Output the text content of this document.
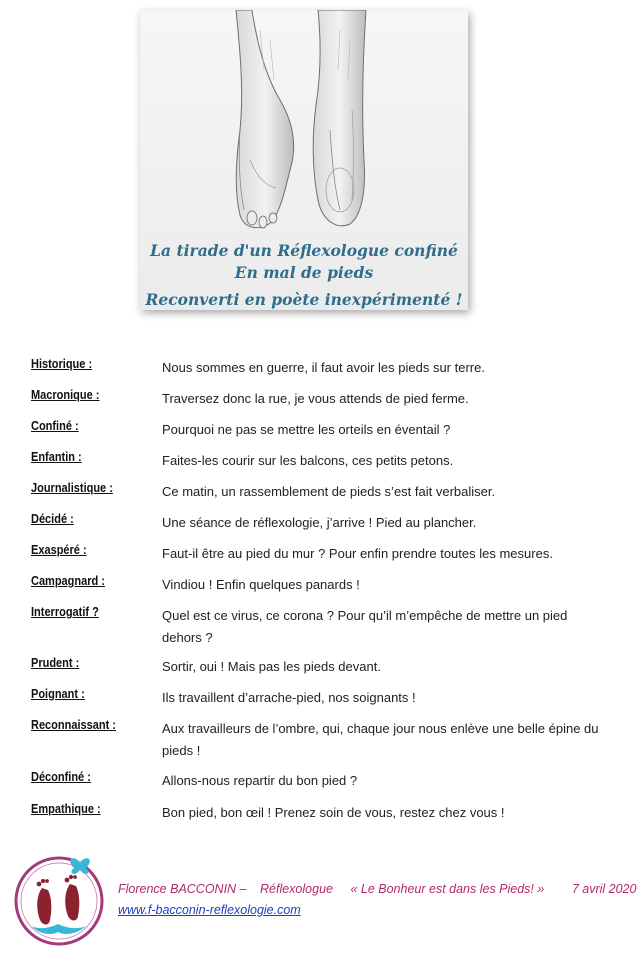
La tirade d'un Réflexologue confiné
En mal de pieds
Reconverti en poète inexpérimenté !
Historique :	Nous sommes en guerre, il faut avoir les pieds sur terre.
Macronique :	Traversez donc la rue, je vous attends de pied ferme.
Confiné :	Pourquoi ne pas se mettre les orteils en éventail ?
Enfantin :	Faites-les courir sur les balcons, ces petits petons.
Journalistique :	Ce matin, un rassemblement de pieds s’est fait verbaliser.
Décidé :	Une séance de réflexologie, j’arrive ! Pied au plancher.
Exaspéré :	Faut-il être au pied du mur ? Pour enfin prendre toutes les mesures.
Campagnard :	Vindiou ! Enfin quelques panards !
Interrogatif ?	Quel est ce virus, ce corona ? Pour qu’il m’empêche de mettre un pied dehors ?
Prudent :	Sortir, oui ! Mais pas les pieds devant.
Poignant :	Ils travaillent d’arrache-pied, nos soignants !
Reconnaissant :	Aux travailleurs de l’ombre, qui, chaque jour nous enlève une belle épine du pieds !
Déconfiné :	Allons-nous repartir du bon pied ?
Empathique :	Bon pied, bon œil ! Prenez soin de vous, restez chez vous !
Florence BACCONIN – Réflexologue « Le Bonheur est dans les Pieds! » 7 avril 2020
www.f-bacconin-reflexologie.com
